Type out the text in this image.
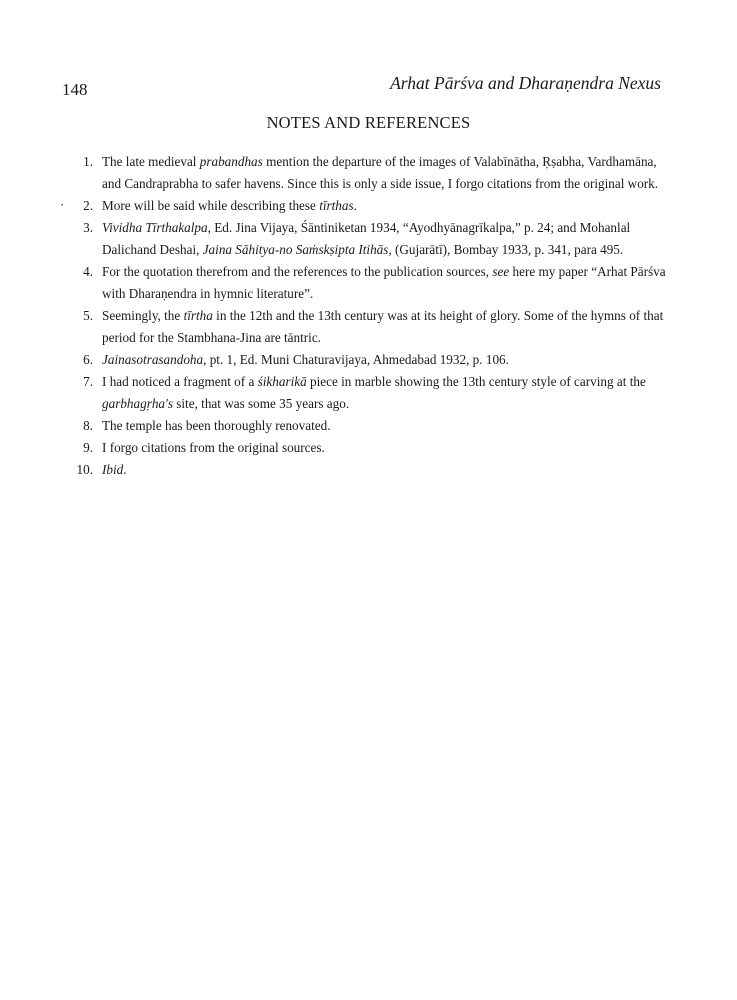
148	Arhat Pārśva and Dharaṇendra Nexus
NOTES AND REFERENCES
·
1. The late medieval prabandhas mention the departure of the images of Valabīnātha, Ṛṣabha, Vardhamāna, and Candraprabha to safer havens. Since this is only a side issue, I forgo citations from the original work.
2. More will be said while describing these tīrthas.
3. Vividha Tīrthakalpa, Ed. Jina Vijaya, Śāntiniketan 1934, “Ayodhyānagrīkalpa,” p. 24; and Mohanlal Dalichand Deshai, Jaina Sāhitya-no Saṁskṣipta Itihās, (Gujarātī), Bombay 1933, p. 341, para 495.
4. For the quotation therefrom and the references to the publication sources, see here my paper “Arhat Pārśva with Dharaṇendra in hymnic literature”.
5. Seemingly, the tīrtha in the 12th and the 13th century was at its height of glory. Some of the hymns of that period for the Stambhana-Jina are tāntric.
6. Jainasotrasandoha, pt. 1, Ed. Muni Chaturavijaya, Ahmedabad 1932, p. 106.
7. I had noticed a fragment of a śikharikā piece in marble showing the 13th century style of carving at the garbhagṛha's site, that was some 35 years ago.
8. The temple has been thoroughly renovated.
9. I forgo citations from the original sources.
10. Ibid.
